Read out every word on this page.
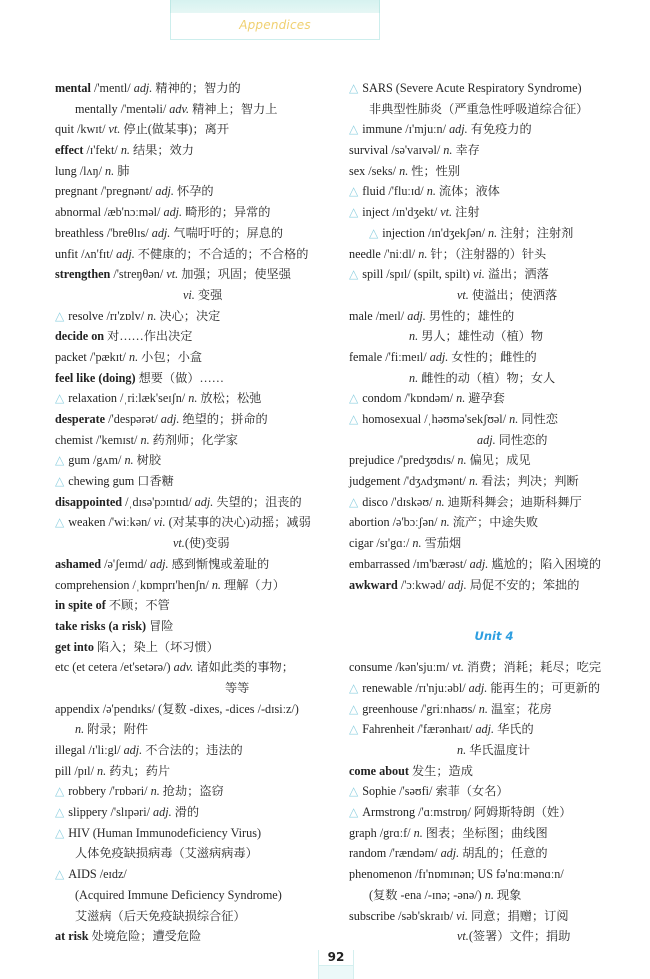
Appendices
mental /'mentl/ adj. 精神的；智力的
mentally /'mentəli/ adv. 精神上；智力上
quit /kwɪt/ vt. 停止(做某事)；离开
effect /ɪ'fekt/ n. 结果；效力
lung /lʌŋ/ n. 肺
pregnant /'pregnənt/ adj. 怀孕的
abnormal /æb'nɔːməl/ adj. 畸形的；异常的
breathless /'breθlɪs/ adj. 气喘吁吁的；屏息的
unfit /ʌn'fɪt/ adj. 不健康的；不合适的；不合格的
strengthen /'streŋθən/ vt. 加强；巩固；使坚强
vi. 变强
△ resolve /rɪ'zɒlv/ n. 决心；决定
decide on 对……作出决定
packet /'pækɪt/ n. 小包；小盒
feel like (doing) 想要（做）……
△ relaxation /ˌriːlæk'seɪʃn/ n. 放松；松弛
desperate /'despərət/ adj. 绝望的；拼命的
chemist /'kemɪst/ n. 药剂师；化学家
△ gum /gʌm/ n. 树胶
△ chewing gum 口香糖
disappointed /ˌdɪsə'pɔɪntɪd/ adj. 失望的；沮丧的
△ weaken /'wiːkən/ vi. (对某事的决心)动摇；减弱
vt.(使)变弱
ashamed /ə'ʃeɪmd/ adj. 感到惭愧或羞耻的
comprehension /ˌkɒmprɪ'henʃn/ n. 理解（力）
in spite of 不顾；不管
take risks (a risk) 冒险
get into 陷入；染上（坏习惯）
etc (et cetera /et'setərə/) adv. 诸如此类的事物；
等等
appendix /ə'pendɪks/ (复数 -dixes, -dices /-dɪsiːz/)
n. 附录；附件
illegal /ɪ'liːgl/ adj. 不合法的；违法的
pill /pɪl/ n. 药丸；药片
△ robbery /'rɒbəri/ n. 抢劫；盗窃
△ slippery /'slɪpəri/ adj. 滑的
△ HIV (Human Immunodeficiency Virus)
人体免疫缺损病毒（艾滋病病毒）
△ AIDS /eɪdz/
(Acquired Immune Deficiency Syndrome)
艾滋病（后天免疫缺损综合征）
at risk 处境危险；遭受危险
△ SARS (Severe Acute Respiratory Syndrome)
非典型性肺炎（严重急性呼吸道综合征）
△ immune /ɪ'mjuːn/ adj. 有免疫力的
survival /sə'vaɪvəl/ n. 幸存
sex /seks/ n. 性；性别
△ fluid /'fluːɪd/ n. 流体；液体
△ inject /ɪn'dʒekt/ vt. 注射
△ injection /ɪn'dʒekʃən/ n. 注射；注射剂
needle /'niːdl/ n. 针；（注射器的）针头
△ spill /spɪl/ (spilt, spilt) vi. 溢出；洒落
vt. 使溢出；使洒落
male /meɪl/ adj. 男性的；雄性的
n. 男人；雄性动（植）物
female /'fiːmeɪl/ adj. 女性的；雌性的
n. 雌性的动（植）物；女人
△ condom /'kɒndəm/ n. 避孕套
△ homosexual /ˌhəʊmə'sekʃʊəl/ n. 同性恋
adj. 同性恋的
prejudice /'predʒʊdɪs/ n. 偏见；成见
judgement /'dʒʌdʒmənt/ n. 看法；判决；判断
△ disco /'dɪskəʊ/ n. 迪斯科舞会；迪斯科舞厅
abortion /ə'bɔːʃən/ n. 流产；中途失败
cigar /sɪ'gɑː/ n. 雪茄烟
embarrassed /ɪm'bærəst/ adj. 尴尬的；陷入困境的
awkward /'ɔːkwəd/ adj. 局促不安的；笨拙的
Unit 4
consume /kən'sjuːm/ vt. 消费；消耗；耗尽；吃完
△ renewable /rɪ'njuːəbl/ adj. 能再生的；可更新的
△ greenhouse /'griːnhaʊs/ n. 温室；花房
△ Fahrenheit /'færənhaɪt/ adj. 华氏的
n. 华氏温度计
come about 发生；造成
△ Sophie /'səʊfi/ 索菲（女名）
△ Armstrong /'ɑːmstrɒŋ/ 阿姆斯特朗（姓）
graph /grɑːf/ n. 图表；坐标图；曲线图
random /'rændəm/ adj. 胡乱的；任意的
phenomenon /fɪ'nɒmɪnən; US fə'nɑːmənɑːn/
(复数 -ena /-ɪnə; -ənə/) n. 现象
subscribe /səb'skraɪb/ vi. 同意；捐赠；订阅
vt.(签署）文件；捐助
92
